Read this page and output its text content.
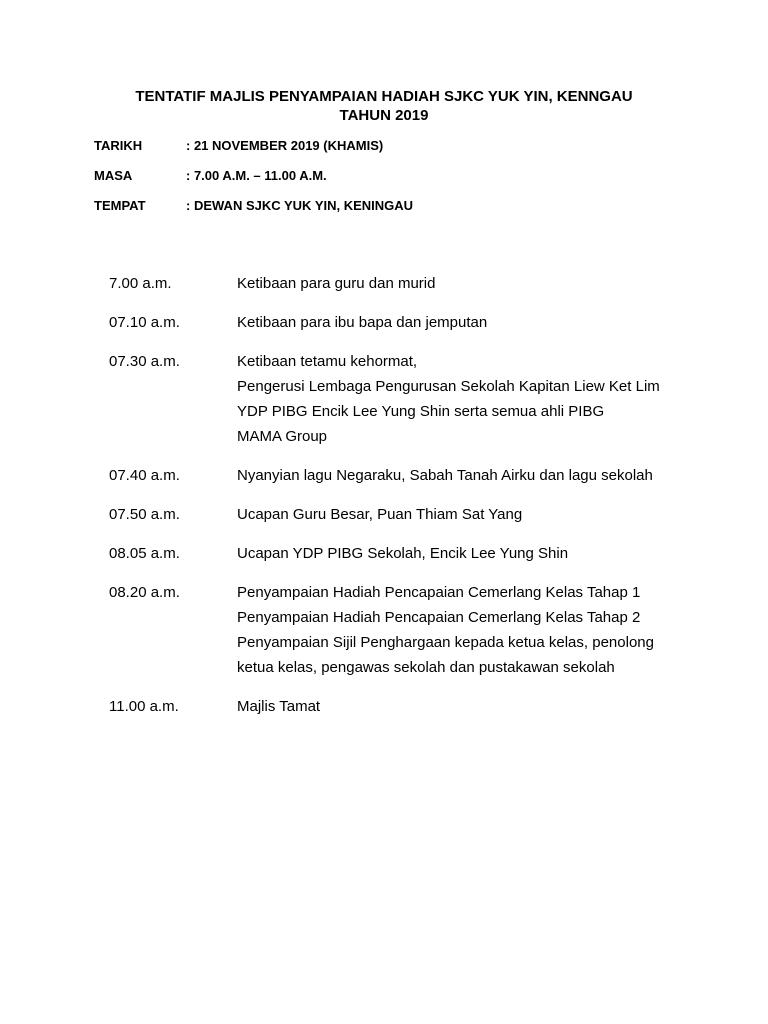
TENTATIF MAJLIS PENYAMPAIAN HADIAH SJKC YUK YIN, KENNGAU
TAHUN 2019
TARIKH	: 21 NOVEMBER 2019 (KHAMIS)
MASA	: 7.00 A.M. – 11.00 A.M.
TEMPAT	: DEWAN SJKC YUK YIN, KENINGAU
7.00 a.m.	Ketibaan para guru dan murid
07.10 a.m.	Ketibaan para ibu bapa dan jemputan
07.30 a.m.	Ketibaan tetamu kehormat,
Pengerusi Lembaga Pengurusan Sekolah Kapitan Liew Ket Lim
YDP PIBG Encik Lee Yung Shin serta semua ahli PIBG
MAMA Group
07.40 a.m.	Nyanyian lagu Negaraku, Sabah Tanah Airku dan lagu sekolah
07.50 a.m.	Ucapan Guru Besar, Puan Thiam Sat Yang
08.05 a.m.	Ucapan YDP PIBG Sekolah, Encik Lee Yung Shin
08.20 a.m.	Penyampaian Hadiah Pencapaian Cemerlang Kelas Tahap 1
Penyampaian Hadiah Pencapaian Cemerlang Kelas Tahap 2
Penyampaian Sijil Penghargaan kepada ketua kelas, penolong
ketua kelas, pengawas sekolah dan pustakawan sekolah
11.00 a.m.	Majlis Tamat
